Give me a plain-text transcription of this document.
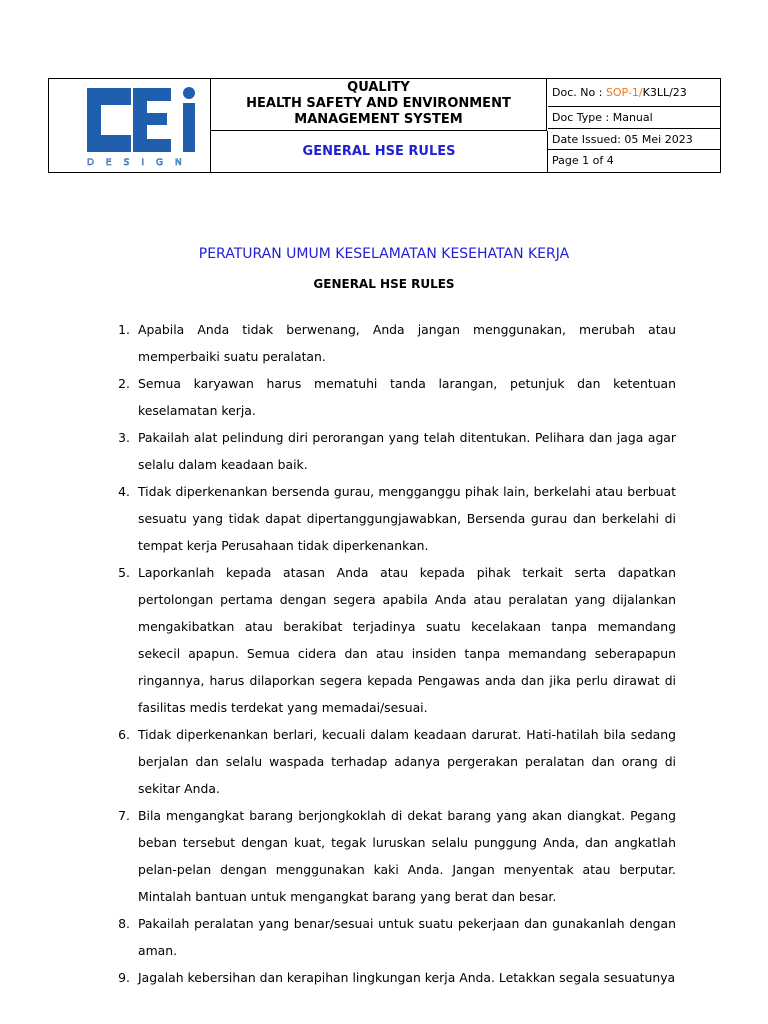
DESIGN
QUALITY
HEALTH SAFETY AND ENVIRONMENT
MANAGEMENT SYSTEM
GENERAL HSE RULES
Doc. No : SOP-1/K3LL/23
Doc Type : Manual
Date Issued: 05 Mei 2023
Page 1 of 4
PERATURAN UMUM KESELAMATAN KESEHATAN KERJA
GENERAL HSE RULES
1. Apabila Anda tidak berwenang, Anda jangan menggunakan, merubah atau memperbaiki suatu peralatan.
2. Semua karyawan harus mematuhi tanda larangan, petunjuk dan ketentuan keselamatan kerja.
3. Pakailah alat pelindung diri perorangan yang telah ditentukan. Pelihara dan jaga agar selalu dalam keadaan baik.
4. Tidak diperkenankan bersenda gurau, mengganggu pihak lain, berkelahi atau berbuat sesuatu yang tidak dapat dipertanggungjawabkan, Bersenda gurau dan berkelahi di tempat kerja Perusahaan tidak diperkenankan.
5. Laporkanlah kepada atasan Anda atau kepada pihak terkait serta dapatkan pertolongan pertama dengan segera apabila Anda atau peralatan yang dijalankan mengakibatkan atau berakibat terjadinya suatu kecelakaan tanpa memandang sekecil apapun. Semua cidera dan atau insiden tanpa memandang seberapapun ringannya, harus dilaporkan segera kepada Pengawas anda dan jika perlu dirawat di fasilitas medis terdekat yang memadai/sesuai.
6. Tidak diperkenankan berlari, kecuali dalam keadaan darurat. Hati-hatilah bila sedang berjalan dan selalu waspada terhadap adanya pergerakan peralatan dan orang di sekitar Anda.
7. Bila mengangkat barang berjongkoklah di dekat barang yang akan diangkat. Pegang beban tersebut dengan kuat, tegak luruskan selalu punggung Anda, dan angkatlah pelan-pelan dengan menggunakan kaki Anda. Jangan menyentak atau berputar. Mintalah bantuan untuk mengangkat barang yang berat dan besar.
8. Pakailah peralatan yang benar/sesuai untuk suatu pekerjaan dan gunakanlah dengan aman.
9. Jagalah kebersihan dan kerapihan lingkungan kerja Anda. Letakkan segala sesuatunya
